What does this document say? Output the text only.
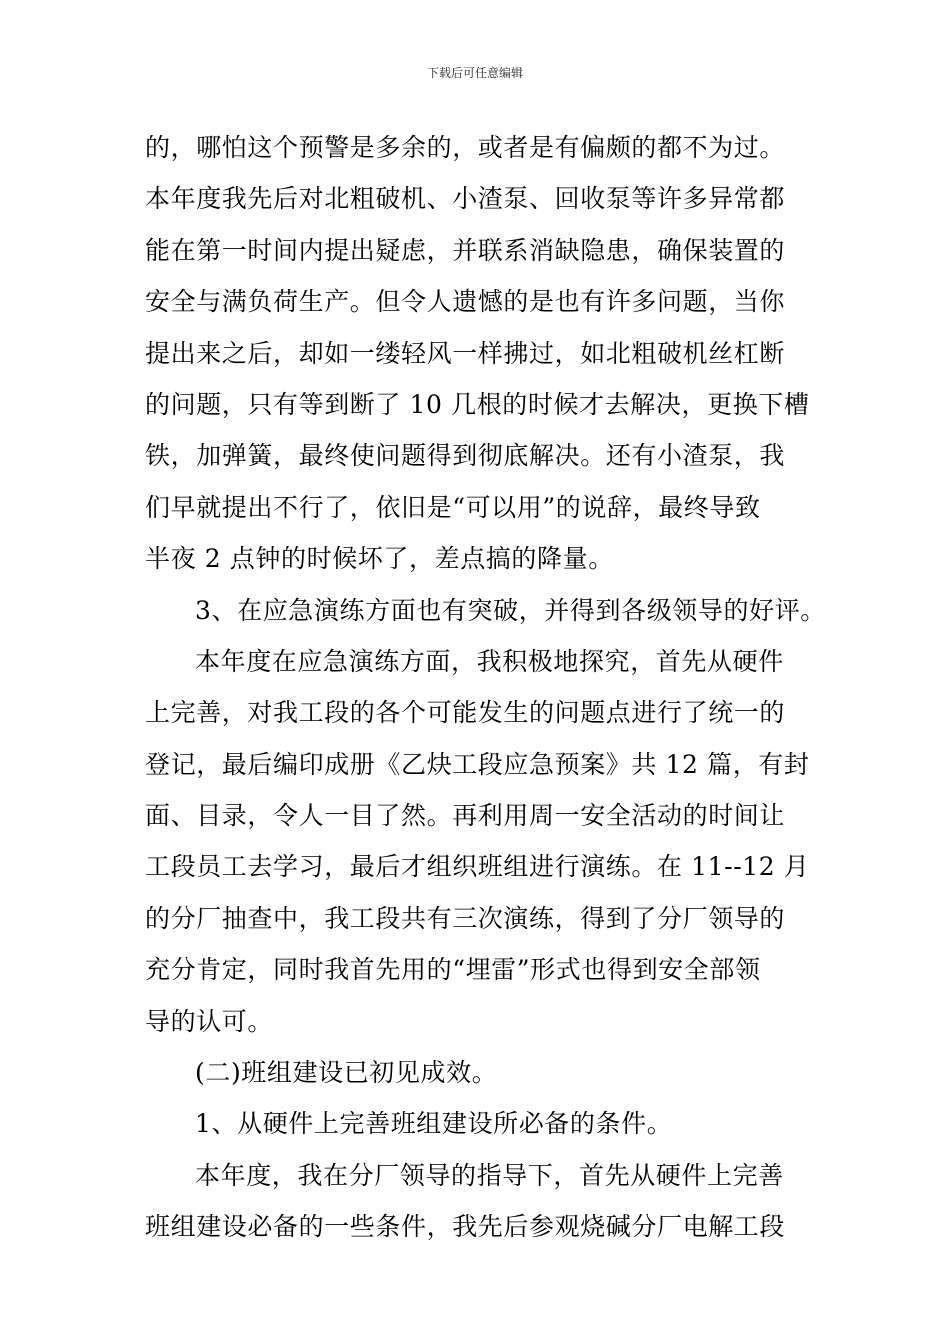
下载后可任意编辑
的，哪怕这个预警是多余的，或者是有偏颇的都不为过。
本年度我先后对北粗破机、小渣泵、回收泵等许多异常都
能在第一时间内提出疑虑，并联系消缺隐患，确保装置的
安全与满负荷生产。但令人遗憾的是也有许多问题，当你
提出来之后，却如一缕轻风一样拂过，如北粗破机丝杠断
的问题，只有等到断了 10 几根的时候才去解决，更换下槽
铁，加弹簧，最终使问题得到彻底解决。还有小渣泵，我
们早就提出不行了，依旧是“可以用”的说辞，最终导致
半夜 2 点钟的时候坏了，差点搞的降量。
3、在应急演练方面也有突破，并得到各级领导的好评。
本年度在应急演练方面，我积极地探究，首先从硬件
上完善，对我工段的各个可能发生的问题点进行了统一的
登记，最后编印成册《乙炔工段应急预案》共 12 篇，有封
面、目录，令人一目了然。再利用周一安全活动的时间让
工段员工去学习，最后才组织班组进行演练。在 11--12 月
的分厂抽查中，我工段共有三次演练，得到了分厂领导的
充分肯定，同时我首先用的“埋雷”形式也得到安全部领
导的认可。
(二)班组建设已初见成效。
1、从硬件上完善班组建设所必备的条件。
本年度，我在分厂领导的指导下，首先从硬件上完善
班组建设必备的一些条件，我先后参观烧碱分厂电解工段
